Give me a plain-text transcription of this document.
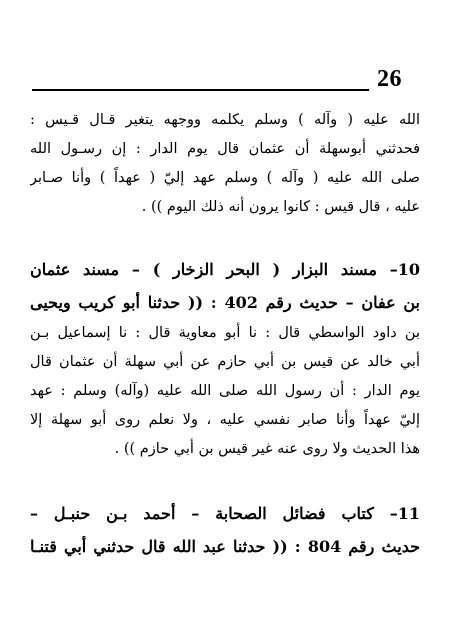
26
الله عليه ( وآله ) وسلم يكلمه ووجهه يتغير قـال قـيس :
فحدثني أبوسهلة أن عثمان قال يوم الدار : إن رسـول الله
صلى الله عليه ( وآله ) وسلم عهد إليّ ( عهداً ) وأنا صـابر
عليه ، قال قيس : كانوا يرون أنه ذلك اليوم )) .
10– مسند البزار ( البحر الزخار ) – مسند عثمان
بن عفان – حديث رقم 402 : (( حدثنا أبو كريب ويحيى
بن داود الواسطي قال : نا أبو معاوية قال : نا إسماعيل بـن
أبي خالد عن قيس بن أبي حازم عن أبي سهلة أن عثمان قال
يوم الدار : أن رسول الله صلى الله عليه (وآله) وسلم : عهد
إليّ عهداً وأنا صابر نفسي عليه ، ولا نعلم روى أبو سهلة إلا
هذا الحديث ولا روى عنه غير قيس بن أبي حازم )) .
11– كتاب فضائل الصحابة – أحمد بـن حنبـل –
حديث رقم 804 : (( حدثنا عبد الله قال حدثني أبي قتنـا
